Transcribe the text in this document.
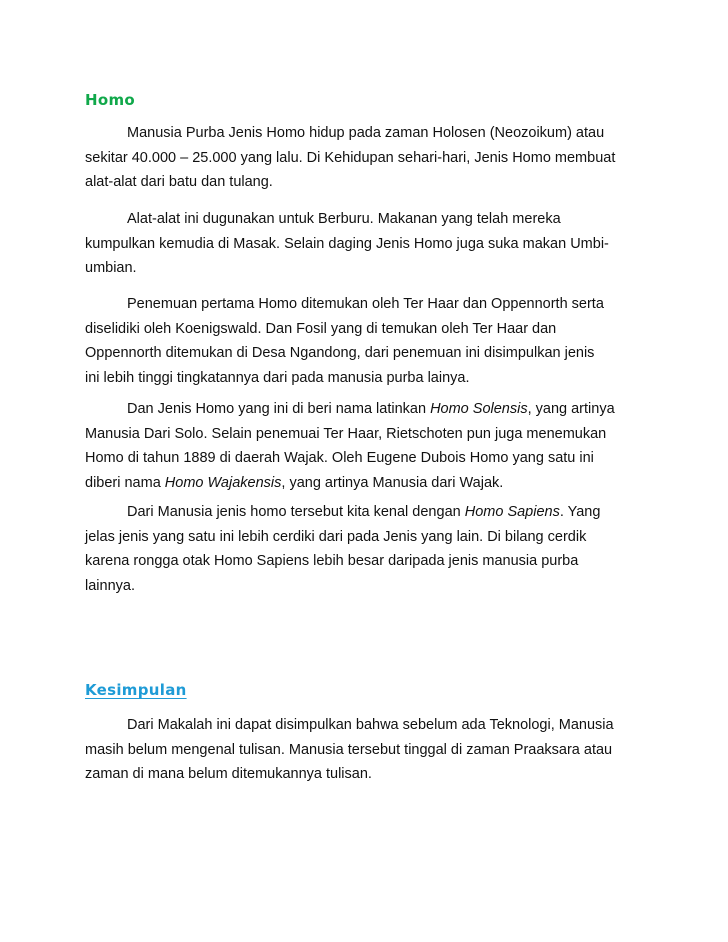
Homo

Manusia Purba Jenis Homo hidup pada zaman Holosen (Neozoikum) atau
sekitar 40.000 – 25.000 yang lalu. Di Kehidupan sehari-hari, Jenis Homo membuat
alat-alat dari batu dan tulang.

Alat-alat ini dugunakan untuk Berburu. Makanan yang telah mereka
kumpulkan kemudia di Masak. Selain daging Jenis Homo juga suka makan Umbi-
umbian.

Penemuan pertama Homo ditemukan oleh Ter Haar dan Oppennorth serta
diselidiki oleh Koenigswald. Dan Fosil yang di temukan oleh Ter Haar dan
Oppennorth ditemukan di Desa Ngandong, dari penemuan ini disimpulkan jenis
ini lebih tinggi tingkatannya dari pada manusia purba lainya.

Dan Jenis Homo yang ini di beri nama latinkan Homo Solensis, yang artinya
Manusia Dari Solo. Selain penemuai Ter Haar, Rietschoten pun juga menemukan
Homo di tahun 1889 di daerah Wajak. Oleh Eugene Dubois Homo yang satu ini
diberi nama Homo Wajakensis, yang artinya Manusia dari Wajak.

Dari Manusia jenis homo tersebut kita kenal dengan Homo Sapiens. Yang
jelas jenis yang satu ini lebih cerdiki dari pada Jenis yang lain. Di bilang cerdik
karena rongga otak Homo Sapiens lebih besar daripada jenis manusia purba
lainnya.

Kesimpulan

Dari Makalah ini dapat disimpulkan bahwa sebelum ada Teknologi, Manusia
masih belum mengenal tulisan. Manusia tersebut tinggal di zaman Praaksara atau
zaman di mana belum ditemukannya tulisan.
